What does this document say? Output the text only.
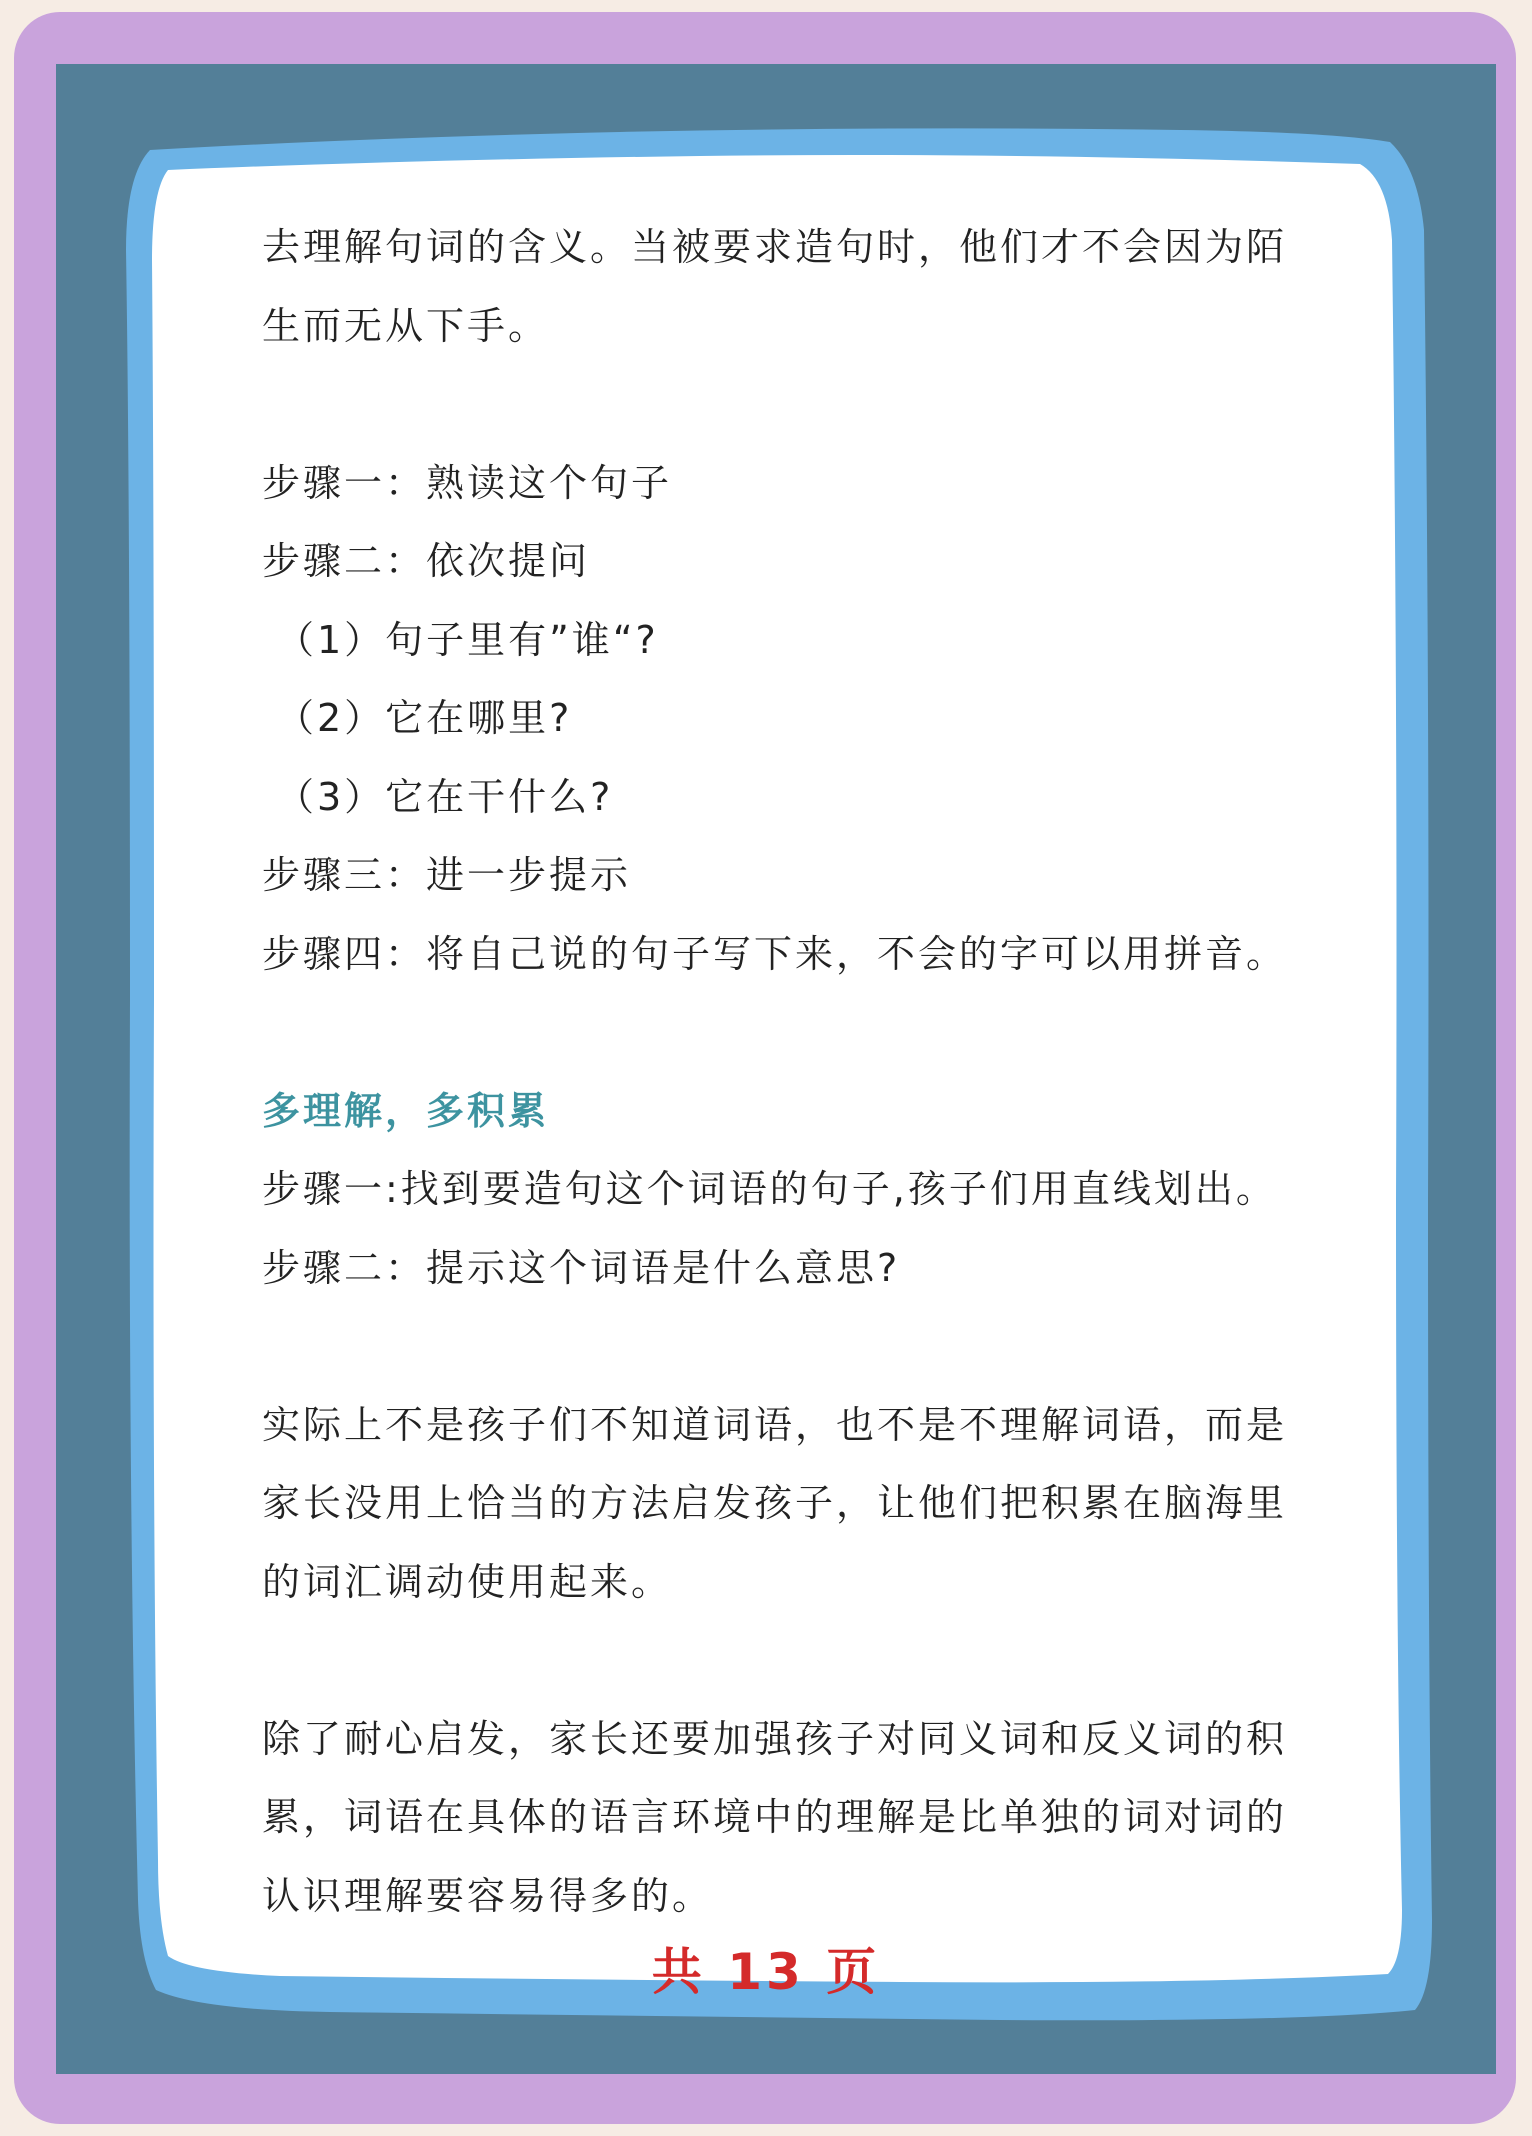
去理解句词的含义。当被要求造句时，他们才不会因为陌
生而无从下手。
步骤一：熟读这个句子
步骤二：依次提问
（1）句子里有”谁“?
（2）它在哪里?
（3）它在干什么?
步骤三：进一步提示
步骤四：将自己说的句子写下来，不会的字可以用拼音。
多理解，多积累
步骤一:找到要造句这个词语的句子,孩子们用直线划出。
步骤二：提示这个词语是什么意思?
实际上不是孩子们不知道词语，也不是不理解词语，而是
家长没用上恰当的方法启发孩子，让他们把积累在脑海里
的词汇调动使用起来。
除了耐心启发，家长还要加强孩子对同义词和反义词的积
累，词语在具体的语言环境中的理解是比单独的词对词的
认识理解要容易得多的。
共 13 页
